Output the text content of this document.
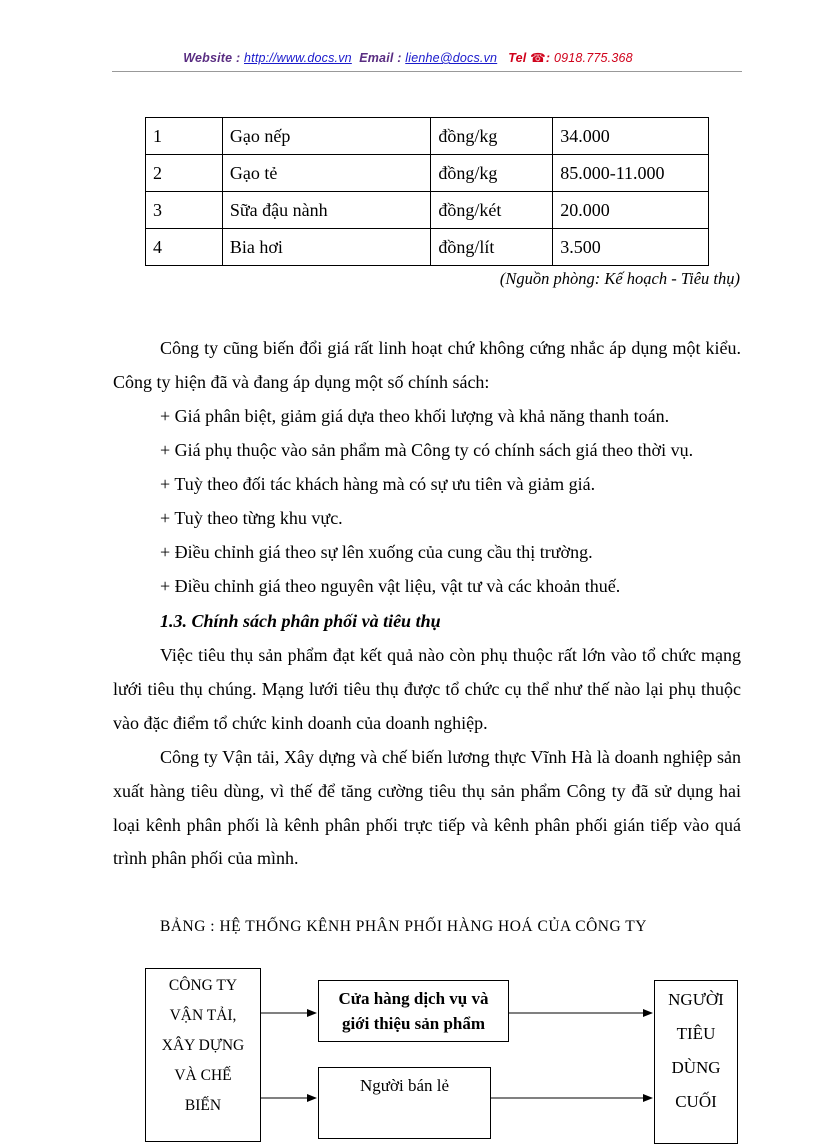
Website : http://www.docs.vn Email : lienhe@docs.vn Tel ☎: 0918.775.368
1	Gạo nếp	đồng/kg	34.000
2	Gạo tẻ	đồng/kg	85.000-11.000
3	Sữa đậu nành	đồng/két	20.000
4	Bia hơi	đồng/lít	3.500
(Nguồn phòng: Kế hoạch - Tiêu thụ)

Công ty cũng biến đổi giá rất linh hoạt chứ không cứng nhắc áp dụng một kiểu. Công ty hiện đã và đang áp dụng một số chính sách:

+ Giá phân biệt, giảm giá dựa theo khối lượng và khả năng thanh toán.
+ Giá phụ thuộc vào sản phẩm mà Công ty có chính sách giá theo thời vụ.
+ Tuỳ theo đối tác khách hàng mà có sự ưu tiên và giảm giá.
+ Tuỳ theo từng khu vực.
+ Điều chỉnh giá theo sự lên xuống của cung cầu thị trường.
+ Điều chỉnh giá theo nguyên vật liệu, vật tư và các khoản thuế.
1.3. Chính sách phân phối và tiêu thụ

Việc tiêu thụ sản phẩm đạt kết quả nào còn phụ thuộc rất lớn vào tổ chức mạng lưới tiêu thụ chúng. Mạng lưới tiêu thụ được tổ chức cụ thể như thế nào lại phụ thuộc vào đặc điểm tổ chức kinh doanh của doanh nghiệp.

Công ty Vận tải, Xây dựng và chế biến lương thực Vĩnh Hà là doanh nghiệp sản xuất hàng tiêu dùng, vì thế để tăng cường tiêu thụ sản phẩm Công ty đã sử dụng hai loại kênh phân phối là kênh phân phối trực tiếp và kênh phân phối gián tiếp vào quá trình phân phối của mình.

BẢNG : HỆ THỐNG KÊNH PHÂN PHỐI HÀNG HOÁ CỦA CÔNG TY
CÔNG TY
VẬN TẢI,
XÂY DỰNG
VÀ CHẾ
BIẾN
Cửa hàng dịch vụ và
giới thiệu sản phẩm
Người bán lẻ
NGƯỜI
TIÊU
DÙNG
CUỐI
